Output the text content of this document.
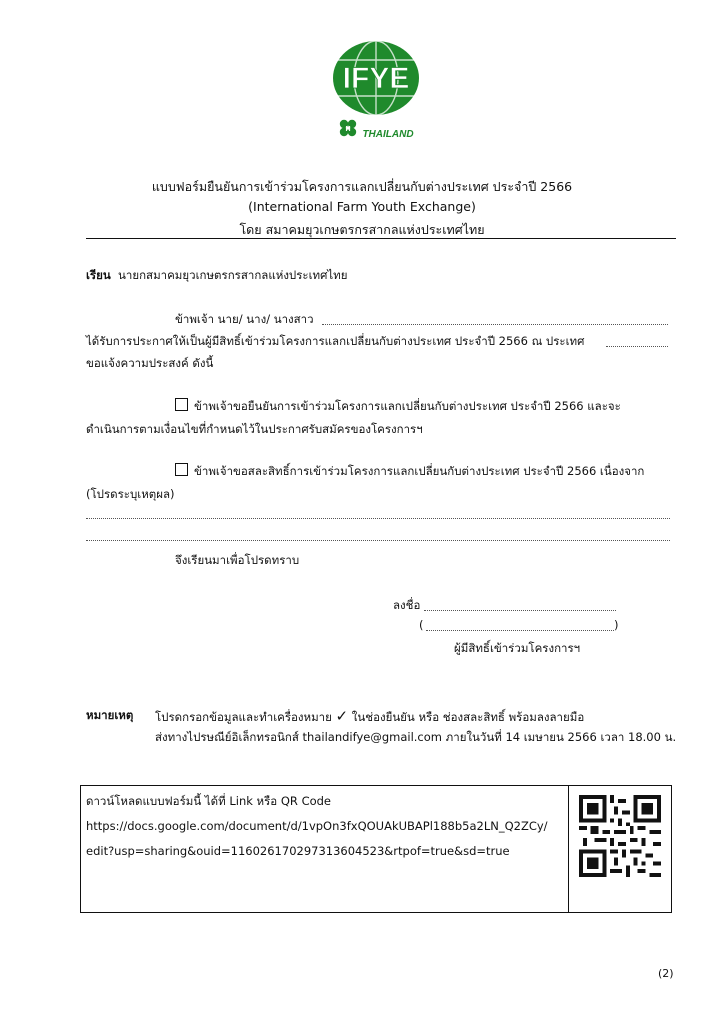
IFYE
H THAILAND
แบบฟอร์มยืนยันการเข้าร่วมโครงการแลกเปลี่ยนกับต่างประเทศ ประจำปี 2566
(International Farm Youth Exchange)
โดย สมาคมยุวเกษตรกรสากลแห่งประเทศไทย
เรียน นายกสมาคมยุวเกษตรกรสากลแห่งประเทศไทย
ข้าพเจ้า นาย/ นาง/ นางสาว
ได้รับการประกาศให้เป็นผู้มีสิทธิ์เข้าร่วมโครงการแลกเปลี่ยนกับต่างประเทศ ประจำปี 2566 ณ ประเทศ
ขอแจ้งความประสงค์ ดังนี้
ข้าพเจ้าขอยืนยันการเข้าร่วมโครงการแลกเปลี่ยนกับต่างประเทศ ประจำปี 2566 และจะ
ดำเนินการตามเงื่อนไขที่กำหนดไว้ในประกาศรับสมัครของโครงการฯ
ข้าพเจ้าขอสละสิทธิ์การเข้าร่วมโครงการแลกเปลี่ยนกับต่างประเทศ ประจำปี 2566 เนื่องจาก
(โปรดระบุเหตุผล)
จึงเรียนมาเพื่อโปรดทราบ
ลงชื่อ
(	)
ผู้มีสิทธิ์เข้าร่วมโครงการฯ
หมายเหตุ โปรดกรอกข้อมูลและทำเครื่องหมาย ✓ ในช่องยืนยัน หรือ ช่องสละสิทธิ์ พร้อมลงลายมือ
ส่งทางไปรษณีย์อิเล็กทรอนิกส์ thailandifye@gmail.com ภายในวันที่ 14 เมษายน 2566 เวลา 18.00 น.
ดาวน์โหลดแบบฟอร์มนี้ ได้ที่ Link หรือ QR Code
https://docs.google.com/document/d/1vpOn3fxQOUAkUBAPl188b5a2LN_Q2ZCy/
edit?usp=sharing&ouid=116026170297313604523&rtpof=true&sd=true
(2)
